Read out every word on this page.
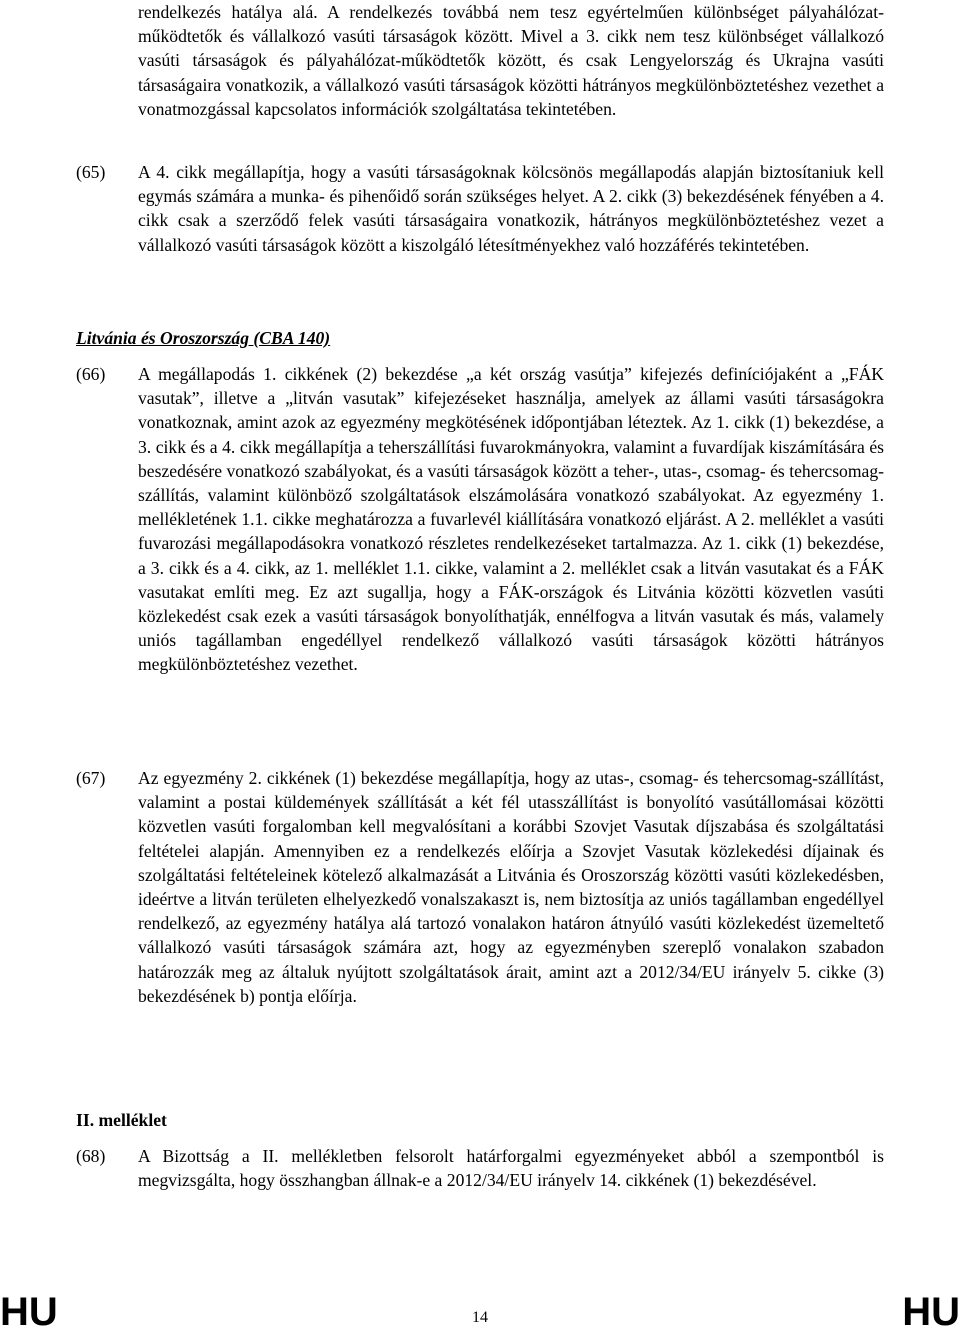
rendelkezés hatálya alá. A rendelkezés továbbá nem tesz egyértelműen különbséget pályahálózat-működtetők és vállalkozó vasúti társaságok között. Mivel a 3. cikk nem tesz különbséget vállalkozó vasúti társaságok és pályahálózat-működtetők között, és csak Lengyelország és Ukrajna vasúti társaságaira vonatkozik, a vállalkozó vasúti társaságok közötti hátrányos megkülönböztetéshez vezethet a vonatmozgással kapcsolatos információk szolgáltatása tekintetében.

(65) A 4. cikk megállapítja, hogy a vasúti társaságoknak kölcsönös megállapodás alapján biztosítaniuk kell egymás számára a munka- és pihenőidő során szükséges helyet. A 2. cikk (3) bekezdésének fényében a 4. cikk csak a szerződő felek vasúti társaságaira vonatkozik, hátrányos megkülönböztetéshez vezet a vállalkozó vasúti társaságok között a kiszolgáló létesítményekhez való hozzáférés tekintetében.

Litvánia és Oroszország (CBA 140)

(66) A megállapodás 1. cikkének (2) bekezdése „a két ország vasútja” kifejezés definíciójaként a „FÁK vasutak”, illetve a „litván vasutak” kifejezéseket használja, amelyek az állami vasúti társaságokra vonatkoznak, amint azok az egyezmény megkötésének időpontjában léteztek. Az 1. cikk (1) bekezdése, a 3. cikk és a 4. cikk megállapítja a teherszállítási fuvarokmányokra, valamint a fuvardíjak kiszámítására és beszedésére vonatkozó szabályokat, és a vasúti társaságok között a teher-, utas-, csomag- és tehercsomag-szállítás, valamint különböző szolgáltatások elszámolására vonatkozó szabályokat. Az egyezmény 1. mellékletének 1.1. cikke meghatározza a fuvarlevél kiállítására vonatkozó eljárást. A 2. melléklet a vasúti fuvarozási megállapodásokra vonatkozó részletes rendelkezéseket tartalmazza. Az 1. cikk (1) bekezdése, a 3. cikk és a 4. cikk, az 1. melléklet 1.1. cikke, valamint a 2. melléklet csak a litván vasutakat és a FÁK vasutakat említi meg. Ez azt sugallja, hogy a FÁK-országok és Litvánia közötti közvetlen vasúti közlekedést csak ezek a vasúti társaságok bonyolíthatják, ennélfogva a litván vasutak és más, valamely uniós tagállamban engedéllyel rendelkező vállalkozó vasúti társaságok közötti hátrányos megkülönböztetéshez vezethet.

(67) Az egyezmény 2. cikkének (1) bekezdése megállapítja, hogy az utas-, csomag- és tehercsomag-szállítást, valamint a postai küldemények szállítását a két fél utasszállítást is bonyolító vasútállomásai közötti közvetlen vasúti forgalomban kell megvalósítani a korábbi Szovjet Vasutak díjszabása és szolgáltatási feltételei alapján. Amennyiben ez a rendelkezés előírja a Szovjet Vasutak közlekedési díjainak és szolgáltatási feltételeinek kötelező alkalmazását a Litvánia és Oroszország közötti vasúti közlekedésben, ideértve a litván területen elhelyezkedő vonalszakaszt is, nem biztosítja az uniós tagállamban engedéllyel rendelkező, az egyezmény hatálya alá tartozó vonalakon határon átnyúló vasúti közlekedést üzemeltető vállalkozó vasúti társaságok számára azt, hogy az egyezményben szereplő vonalakon szabadon határozzák meg az általuk nyújtott szolgáltatások árait, amint azt a 2012/34/EU irányelv 5. cikke (3) bekezdésének b) pontja előírja.

II. melléklet

(68) A Bizottság a II. mellékletben felsorolt határforgalmi egyezményeket abból a szempontból is megvizsgálta, hogy összhangban állnak-e a 2012/34/EU irányelv 14. cikkének (1) bekezdésével.

14

HU	HU
